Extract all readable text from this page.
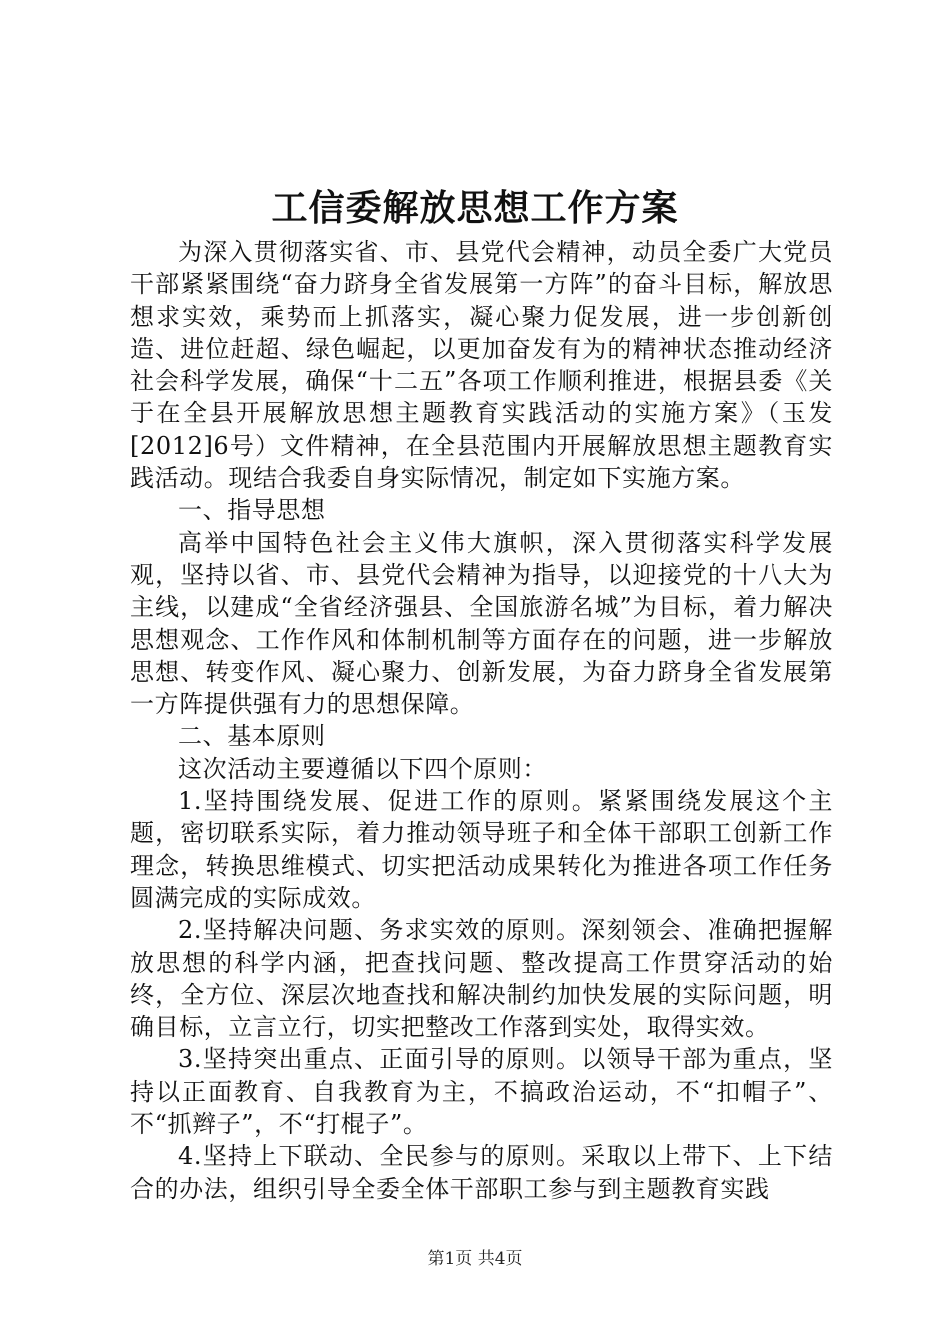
工信委解放思想工作方案

为深入贯彻落实省、市、县党代会精神，动员全委广大党员干部紧紧围绕“奋力跻身全省发展第一方阵”的奋斗目标，解放思想求实效，乘势而上抓落实，凝心聚力促发展，进一步创新创造、进位赶超、绿色崛起，以更加奋发有为的精神状态推动经济社会科学发展，确保“十二五”各项工作顺利推进，根据县委《关于在全县开展解放思想主题教育实践活动的实施方案》（玉发[2012]6号）文件精神，在全县范围内开展解放思想主题教育实践活动。现结合我委自身实际情况，制定如下实施方案。

一、指导思想

高举中国特色社会主义伟大旗帜，深入贯彻落实科学发展观，坚持以省、市、县党代会精神为指导，以迎接党的十八大为主线，以建成“全省经济强县、全国旅游名城”为目标，着力解决思想观念、工作作风和体制机制等方面存在的问题，进一步解放思想、转变作风、凝心聚力、创新发展，为奋力跻身全省发展第一方阵提供强有力的思想保障。

二、基本原则

这次活动主要遵循以下四个原则：

1.坚持围绕发展、促进工作的原则。紧紧围绕发展这个主题，密切联系实际，着力推动领导班子和全体干部职工创新工作理念，转换思维模式、切实把活动成果转化为推进各项工作任务圆满完成的实际成效。

2.坚持解决问题、务求实效的原则。深刻领会、准确把握解放思想的科学内涵，把查找问题、整改提高工作贯穿活动的始终，全方位、深层次地查找和解决制约加快发展的实际问题，明确目标，立言立行，切实把整改工作落到实处，取得实效。

3.坚持突出重点、正面引导的原则。以领导干部为重点，坚持以正面教育、自我教育为主，不搞政治运动，不“扣帽子”、不“抓辫子”，不“打棍子”。

4.坚持上下联动、全民参与的原则。采取以上带下、上下结合的办法，组织引导全委全体干部职工参与到主题教育实践

第1页 共4页
